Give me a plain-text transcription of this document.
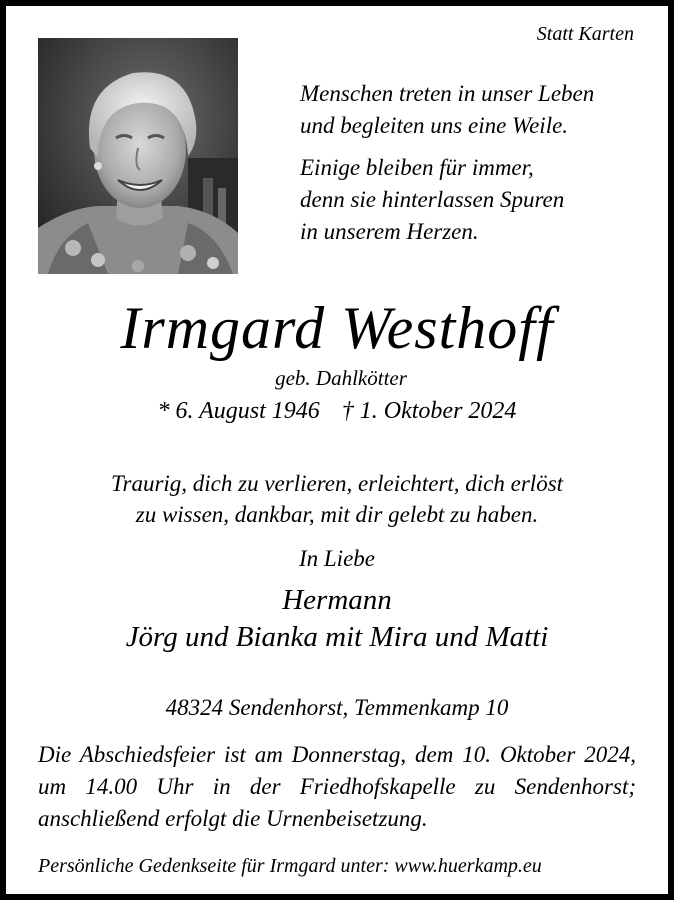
Statt Karten

Menschen treten in unser Leben
und begleiten uns eine Weile.
Einige bleiben für immer,
denn sie hinterlassen Spuren
in unserem Herzen.

Irmgard Westhoff

geb. Dahlkötter

* 6. August 1946 † 1. Oktober 2024

Traurig, dich zu verlieren, erleichtert, dich erlöst
zu wissen, dankbar, mit dir gelebt zu haben.

In Liebe

Hermann
Jörg und Bianka mit Mira und Matti

48324 Sendenhorst, Temmenkamp 10

Die Abschiedsfeier ist am Donnerstag, dem 10. Oktober 2024, um 14.00 Uhr in der Friedhofskapelle zu Sendenhorst; anschließend erfolgt die Urnenbeisetzung.

Persönliche Gedenkseite für Irmgard unter: www.huerkamp.eu
